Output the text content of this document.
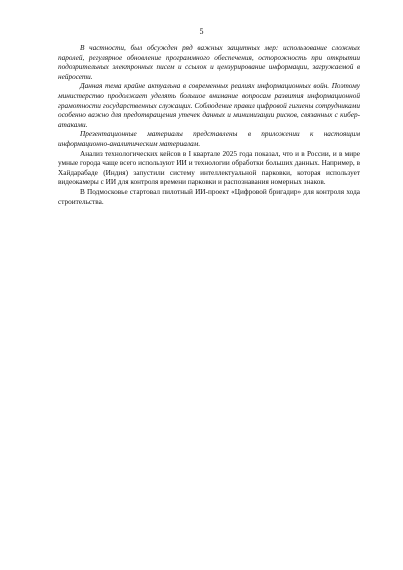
5

В частности, был обсужден ряд важных защитных мер: использование сложных паролей, регулярное обновление программного обеспечения, осторожность при открытии подозрительных электронных писем и ссылок и цензурирование информации, загружаемой в нейросети.

Данная тема крайне актуальна в современных реалиях информационных войн. Поэтому министерство продолжает уделять большое внимание вопросам развития информационной грамотности государственных служащих. Соблюдение правил цифровой гигиены сотрудниками особенно важно для предотвращения утечек данных и минимизации рисков, связанных с кибер-атаками.

Презентационные материалы представлены в приложении к настоящим информационно-аналитическим материалам.

Анализ технологических кейсов в I квартале 2025 года показал, что и в России, и в мире умные города чаще всего используют ИИ и технологии обработки больших данных. Например, в Хайдарабаде (Индия) запустили систему интеллектуальной парковки, которая использует видеокамеры с ИИ для контроля времени парковки и распознавания номерных знаков.

В Подмосковье стартовал пилотный ИИ-проект «Цифровой бригадир» для контроля хода строительства.
